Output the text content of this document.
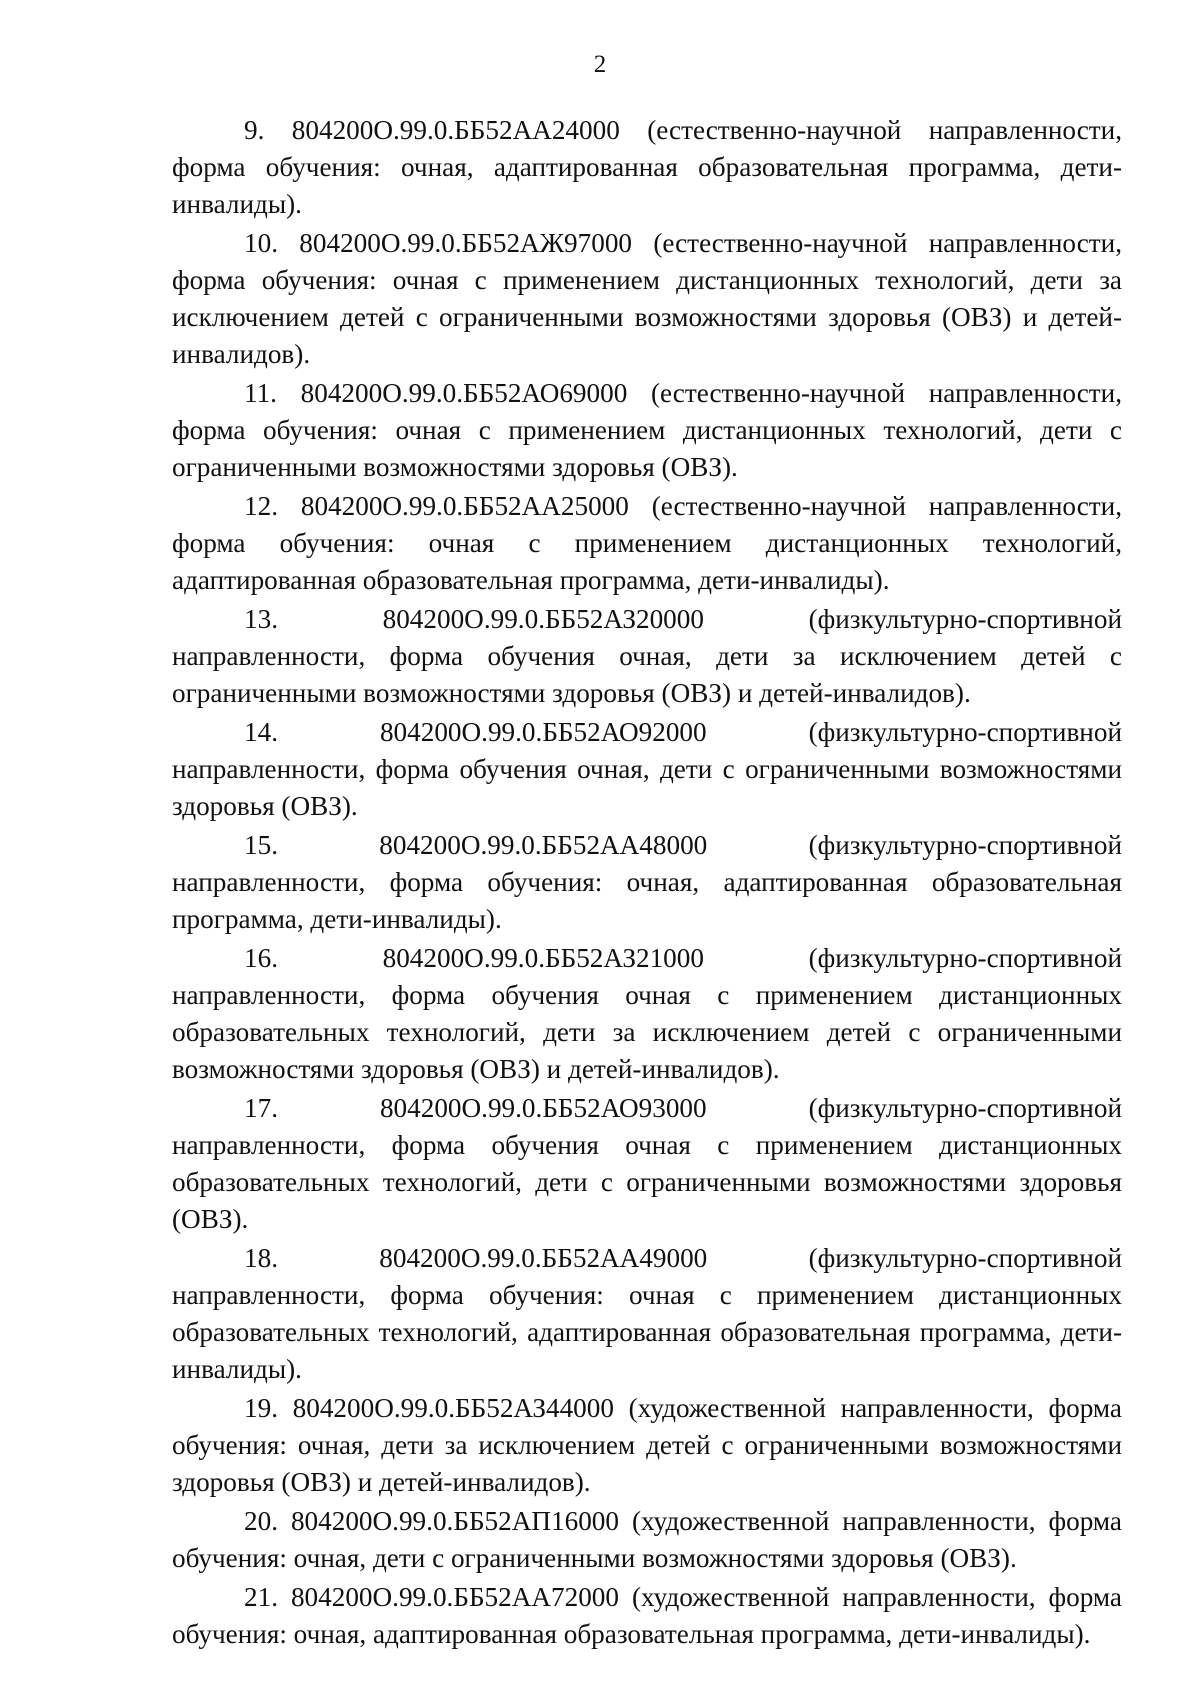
2

9. 804200О.99.0.ББ52АА24000 (естественно-научной направленности, форма обучения: очная, адаптированная образовательная программа, дети-инвалиды).

10. 804200О.99.0.ББ52АЖ97000 (естественно-научной направленности, форма обучения: очная с применением дистанционных технологий, дети за исключением детей с ограниченными возможностями здоровья (ОВЗ) и детей-инвалидов).

11. 804200О.99.0.ББ52АО69000 (естественно-научной направленности, форма обучения: очная с применением дистанционных технологий, дети с ограниченными возможностями здоровья (ОВЗ).

12. 804200О.99.0.ББ52АА25000 (естественно-научной направленности, форма обучения: очная с применением дистанционных технологий, адаптированная образовательная программа, дети-инвалиды).

13. 804200О.99.0.ББ52АЗ20000 (физкультурно-спортивной направленности, форма обучения очная, дети за исключением детей с ограниченными возможностями здоровья (ОВЗ) и детей-инвалидов).

14. 804200О.99.0.ББ52АО92000 (физкультурно-спортивной направленности, форма обучения очная, дети с ограниченными возможностями здоровья (ОВЗ).

15. 804200О.99.0.ББ52АА48000 (физкультурно-спортивной направленности, форма обучения: очная, адаптированная образовательная программа, дети-инвалиды).

16. 804200О.99.0.ББ52АЗ21000 (физкультурно-спортивной направленности, форма обучения очная с применением дистанционных образовательных технологий, дети за исключением детей с ограниченными возможностями здоровья (ОВЗ) и детей-инвалидов).

17. 804200О.99.0.ББ52АО93000 (физкультурно-спортивной направленности, форма обучения очная с применением дистанционных образовательных технологий, дети с ограниченными возможностями здоровья (ОВЗ).

18. 804200О.99.0.ББ52АА49000 (физкультурно-спортивной направленности, форма обучения: очная с применением дистанционных образовательных технологий, адаптированная образовательная программа, дети-инвалиды).

19. 804200О.99.0.ББ52АЗ44000 (художественной направленности, форма обучения: очная, дети за исключением детей с ограниченными возможностями здоровья (ОВЗ) и детей-инвалидов).

20. 804200О.99.0.ББ52АП16000 (художественной направленности, форма обучения: очная, дети с ограниченными возможностями здоровья (ОВЗ).

21. 804200О.99.0.ББ52АА72000 (художественной направленности, форма обучения: очная, адаптированная образовательная программа, дети-инвалиды).
